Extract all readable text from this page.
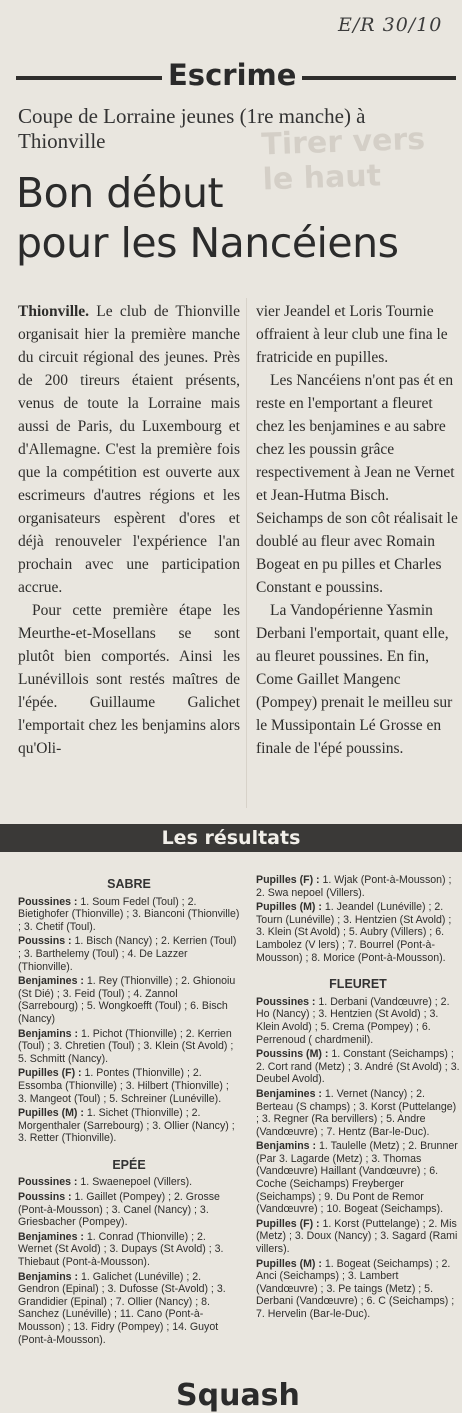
Tirer vers le haut
E/R 30/10
Escrime
Coupe de Lorraine jeunes (1re manche) à Thionville
Bon début
pour les Nancéiens

Thionville. Le club de Thionville organisait hier la première manche du circuit régional des jeunes. Près de 200 tireurs étaient présents, venus de toute la Lorraine mais aussi de Paris, du Luxembourg et d'Allemagne. C'est la première fois que la compétition est ouverte aux escrimeurs d'autres régions et les organisateurs espèrent d'ores et déjà renouveler l'expérience l'an prochain avec une participation accrue.

Pour cette première étape les Meurthe-et-Mosellans se sont plutôt bien comportés. Ainsi les Lunévillois sont restés maîtres de l'épée. Guillaume Galichet l'emportait chez les benjamins alors qu'Oli-

vier Jeandel et Loris Tournie offraient à leur club une fina le fratricide en pupilles.

Les Nancéiens n'ont pas ét en reste en l'emportant a fleuret chez les benjamines e au sabre chez les poussin grâce respectivement à Jean ne Vernet et Jean-Hutma Bisch. Seichamps de son côt réalisait le doublé au fleur avec Romain Bogeat en pu pilles et Charles Constant e poussins.

La Vandopérienne Yasmin Derbani l'emportait, quant elle, au fleuret poussines. En fin, Come Gaillet Mangenc (Pompey) prenait le meilleu sur le Mussipontain Lé Grosse en finale de l'épé poussins.

Les résultats
SABRE
Poussines : 1. Soum Fedel (Toul) ; 2. Bietighofer (Thionville) ; 3. Bianconi (Thionville) ; 3. Chetif (Toul).
Poussins : 1. Bisch (Nancy) ; 2. Kerrien (Toul) ; 3. Barthelemy (Toul) ; 4. De Lazzer (Thionville).
Benjamines : 1. Rey (Thionville) ; 2. Ghionoiu (St Dié) ; 3. Feid (Toul) ; 4. Zannol (Sarrebourg) ; 5. Wongkoefft (Toul) ; 6. Bisch (Nancy)
Benjamins : 1. Pichot (Thionville) ; 2. Kerrien (Toul) ; 3. Chretien (Toul) ; 3. Klein (St Avold) ; 5. Schmitt (Nancy).
Pupilles (F) : 1. Pontes (Thionville) ; 2. Essomba (Thionville) ; 3. Hilbert (Thionville) ; 3. Mangeot (Toul) ; 5. Schreiner (Lunéville).
Pupilles (M) : 1. Sichet (Thionville) ; 2. Morgenthaler (Sarrebourg) ; 3. Ollier (Nancy) ; 3. Retter (Thionville).
EPÉE
Poussines : 1. Swaenepoel (Villers).
Poussins : 1. Gaillet (Pompey) ; 2. Grosse (Pont-à-Mousson) ; 3. Canel (Nancy) ; 3. Griesbacher (Pompey).
Benjamines : 1. Conrad (Thionville) ; 2. Wernet (St Avold) ; 3. Dupays (St Avold) ; 3. Thiebaut (Pont-à-Mousson).
Benjamins : 1. Galichet (Lunéville) ; 2. Gendron (Epinal) ; 3. Dufosse (St-Avold) ; 3. Grandidier (Epinal) ; 7. Ollier (Nancy) ; 8. Sanchez (Lunéville) ; 11. Cano (Pont-à-Mousson) ; 13. Fidry (Pompey) ; 14. Guyot (Pont-à-Mousson).
Pupilles (F) : 1. Wjak (Pont-à-Mousson) ; 2. Swa nepoel (Villers).
Pupilles (M) : 1. Jeandel (Lunéville) ; 2. Tourn (Lunéville) ; 3. Hentzien (St Avold) ; 3. Klein (St Avold) ; 5. Aubry (Villers) ; 6. Lambolez (V lers) ; 7. Bourrel (Pont-à-Mousson) ; 8. Morice (Pont-à-Mousson).
FLEURET
Poussines : 1. Derbani (Vandœuvre) ; 2. Ho (Nancy) ; 3. Hentzien (St Avold) ; 3. Klein Avold) ; 5. Crema (Pompey) ; 6. Perrenoud ( chardmenil).
Poussins (M) : 1. Constant (Seichamps) ; 2. Cort rand (Metz) ; 3. André (St Avold) ; 3. Deubel Avold).
Benjamines : 1. Vernet (Nancy) ; 2. Berteau (S champs) ; 3. Korst (Puttelange) ; 3. Regner (Ra bervillers) ; 5. Andre (Vandœuvre) ; 7. Hentz (Bar-le-Duc).
Benjamins : 1. Taulelle (Metz) ; 2. Brunner (Par 3. Lagarde (Metz) ; 3. Thomas (Vandœuvre) Haillant (Vandœuvre) ; 6. Coche (Seichamps) Freyberger (Seichamps) ; 9. Du Pont de Remor (Vandœuvre) ; 10. Bogeat (Seichamps).
Pupilles (F) : 1. Korst (Puttelange) ; 2. Mis (Metz) ; 3. Doux (Nancy) ; 3. Sagard (Rami villers).
Pupilles (M) : 1. Bogeat (Seichamps) ; 2. Anci (Seichamps) ; 3. Lambert (Vandœuvre) ; 3. Pe taings (Metz) ; 5. Derbani (Vandœuvre) ; 6. C (Seichamps) ; 7. Hervelin (Bar-le-Duc).
Squash
